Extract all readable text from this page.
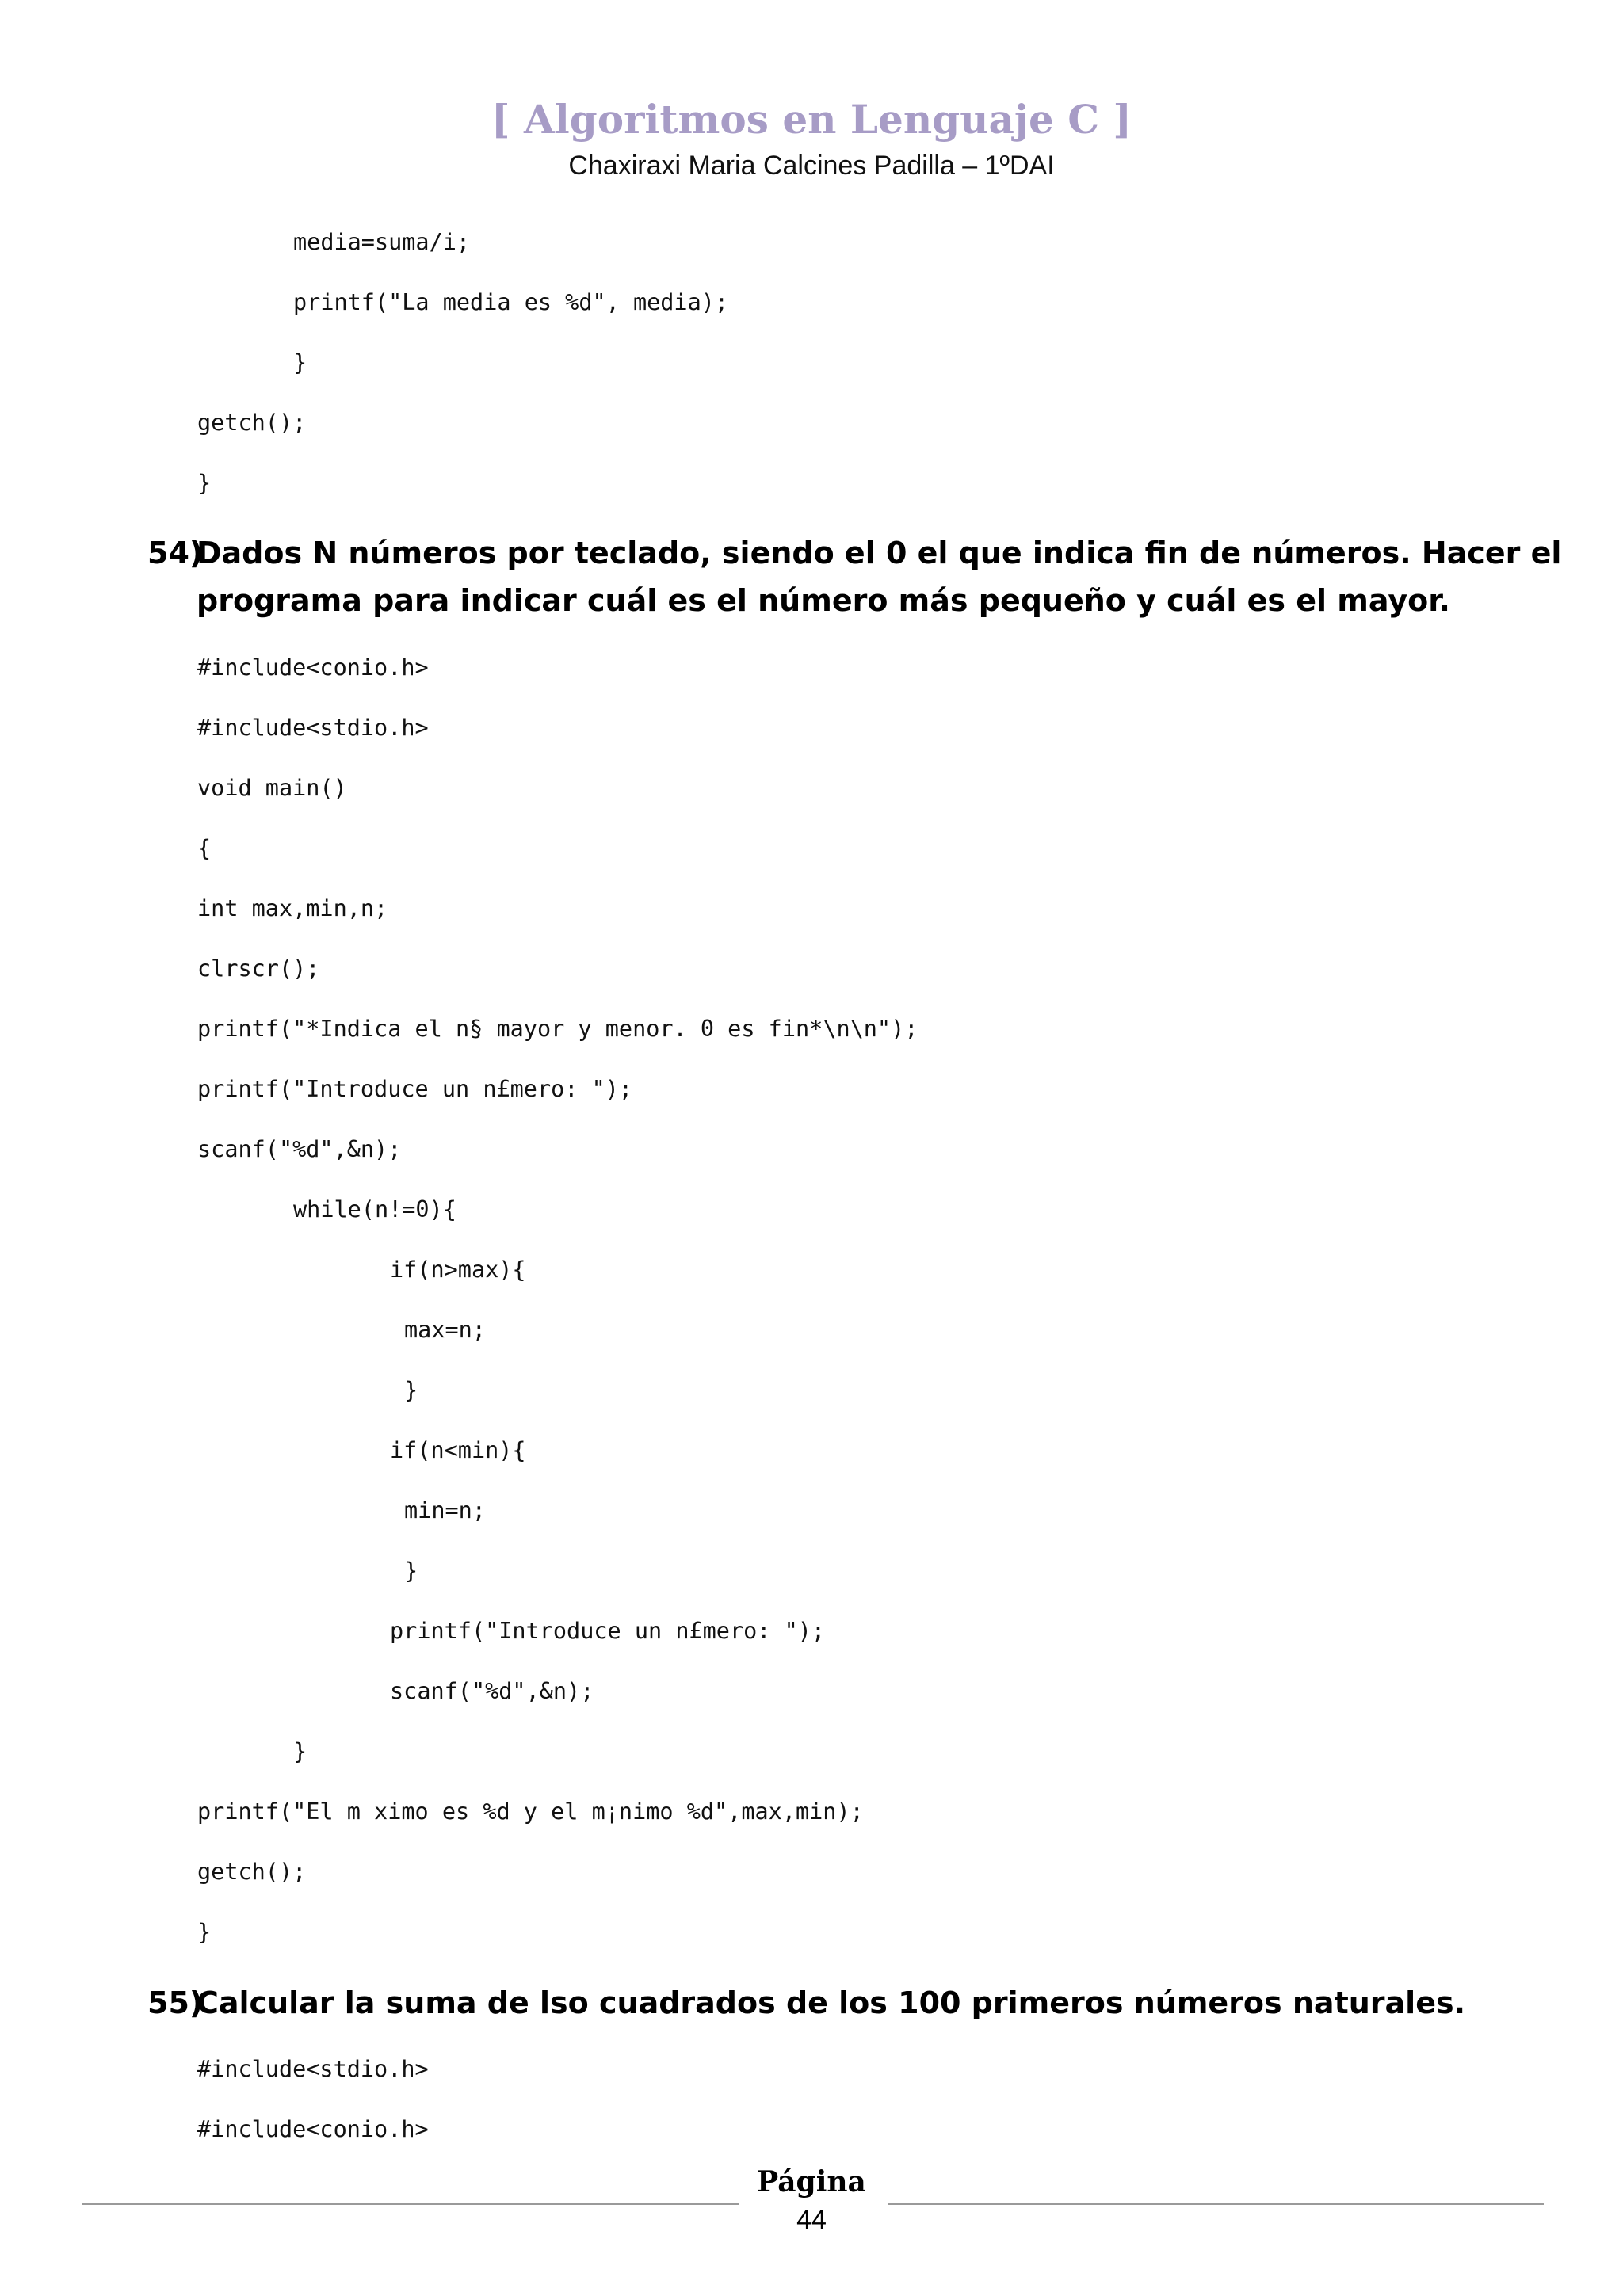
[ Algoritmos en Lenguaje C ]
Chaxiraxi Maria Calcines Padilla – 1ºDAI
media=suma/i;
printf("La media es %d", media);
}
getch();
}
54)
Dados N números por teclado, siendo el 0 el que indica fin de números. Hacer el
programa para indicar cuál es el número más pequeño y cuál es el mayor.
#include<conio.h>
#include<stdio.h>
void main()
{
int max,min,n;
clrscr();
printf("*Indica el n§ mayor y menor. 0 es fin*\n\n");
printf("Introduce un n£mero: ");
scanf("%d",&n);
while(n!=0){
if(n>max){
max=n;
}
if(n<min){
min=n;
}
printf("Introduce un n£mero: ");
scanf("%d",&n);
}
printf("El m ximo es %d y el m¡nimo %d",max,min);
getch();
}
55)
Calcular la suma de lso cuadrados de los 100 primeros números naturales.
#include<stdio.h>
#include<conio.h>
Página
44
